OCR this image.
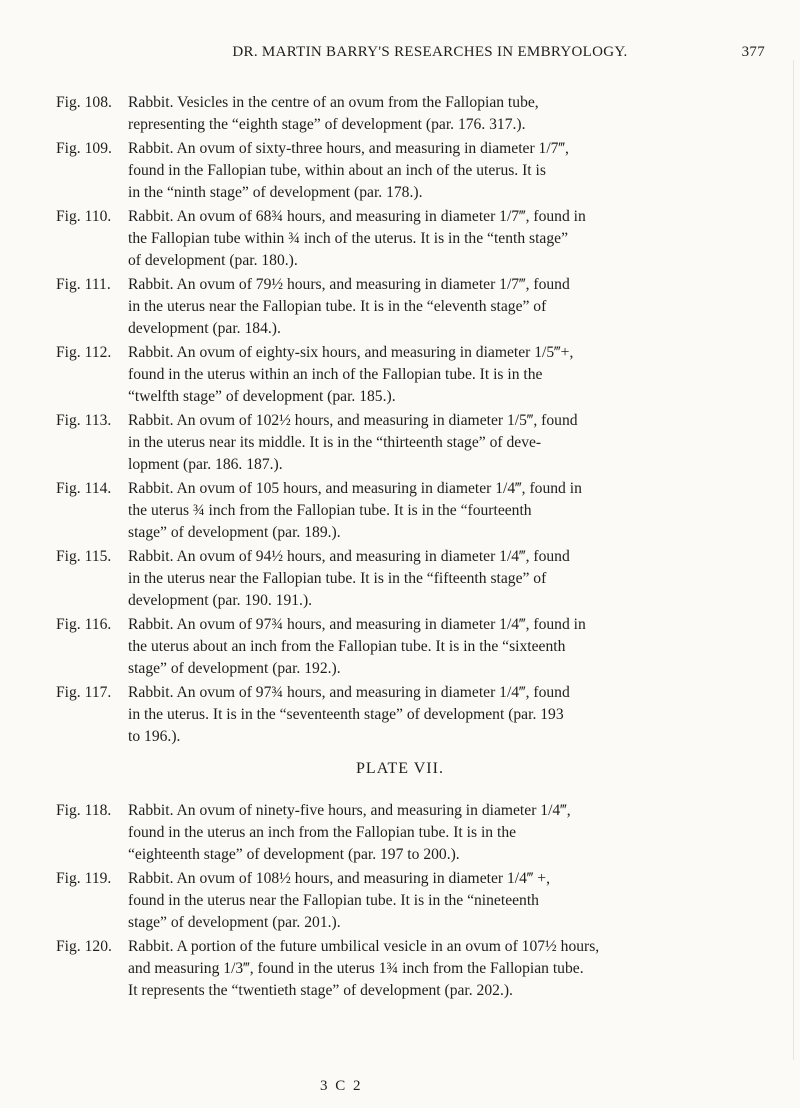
DR. MARTIN BARRY'S RESEARCHES IN EMBRYOLOGY.	377
Fig. 108.	Rabbit. Vesicles in the centre of an ovum from the Fallopian tube,
representing the “eighth stage” of development (par. 176. 317.).
Fig. 109.	Rabbit. An ovum of sixty-three hours, and measuring in diameter 1/7‴,
found in the Fallopian tube, within about an inch of the uterus. It is
in the “ninth stage” of development (par. 178.).
Fig. 110.	Rabbit. An ovum of 68¾ hours, and measuring in diameter 1/7‴, found in
the Fallopian tube within ¾ inch of the uterus. It is in the “tenth stage”
of development (par. 180.).
Fig. 111.	Rabbit. An ovum of 79½ hours, and measuring in diameter 1/7‴, found
in the uterus near the Fallopian tube. It is in the “eleventh stage” of
development (par. 184.).
Fig. 112.	Rabbit. An ovum of eighty-six hours, and measuring in diameter 1/5‴+,
found in the uterus within an inch of the Fallopian tube. It is in the
“twelfth stage” of development (par. 185.).
Fig. 113.	Rabbit. An ovum of 102½ hours, and measuring in diameter 1/5‴, found
in the uterus near its middle. It is in the “thirteenth stage” of deve-
lopment (par. 186. 187.).
Fig. 114.	Rabbit. An ovum of 105 hours, and measuring in diameter 1/4‴, found in
the uterus ¾ inch from the Fallopian tube. It is in the “fourteenth
stage” of development (par. 189.).
Fig. 115.	Rabbit. An ovum of 94½ hours, and measuring in diameter 1/4‴, found
in the uterus near the Fallopian tube. It is in the “fifteenth stage” of
development (par. 190. 191.).
Fig. 116.	Rabbit. An ovum of 97¾ hours, and measuring in diameter 1/4‴, found in
the uterus about an inch from the Fallopian tube. It is in the “sixteenth
stage” of development (par. 192.).
Fig. 117.	Rabbit. An ovum of 97¾ hours, and measuring in diameter 1/4‴, found
in the uterus. It is in the “seventeenth stage” of development (par. 193
to 196.).
PLATE VII.
Fig. 118.	Rabbit. An ovum of ninety-five hours, and measuring in diameter 1/4‴,
found in the uterus an inch from the Fallopian tube. It is in the
“eighteenth stage” of development (par. 197 to 200.).
Fig. 119.	Rabbit. An ovum of 108½ hours, and measuring in diameter 1/4‴ +,
found in the uterus near the Fallopian tube. It is in the “nineteenth
stage” of development (par. 201.).
Fig. 120.	Rabbit. A portion of the future umbilical vesicle in an ovum of 107½ hours,
and measuring 1/3‴, found in the uterus 1¾ inch from the Fallopian tube.
It represents the “twentieth stage” of development (par. 202.).
3 C 2
